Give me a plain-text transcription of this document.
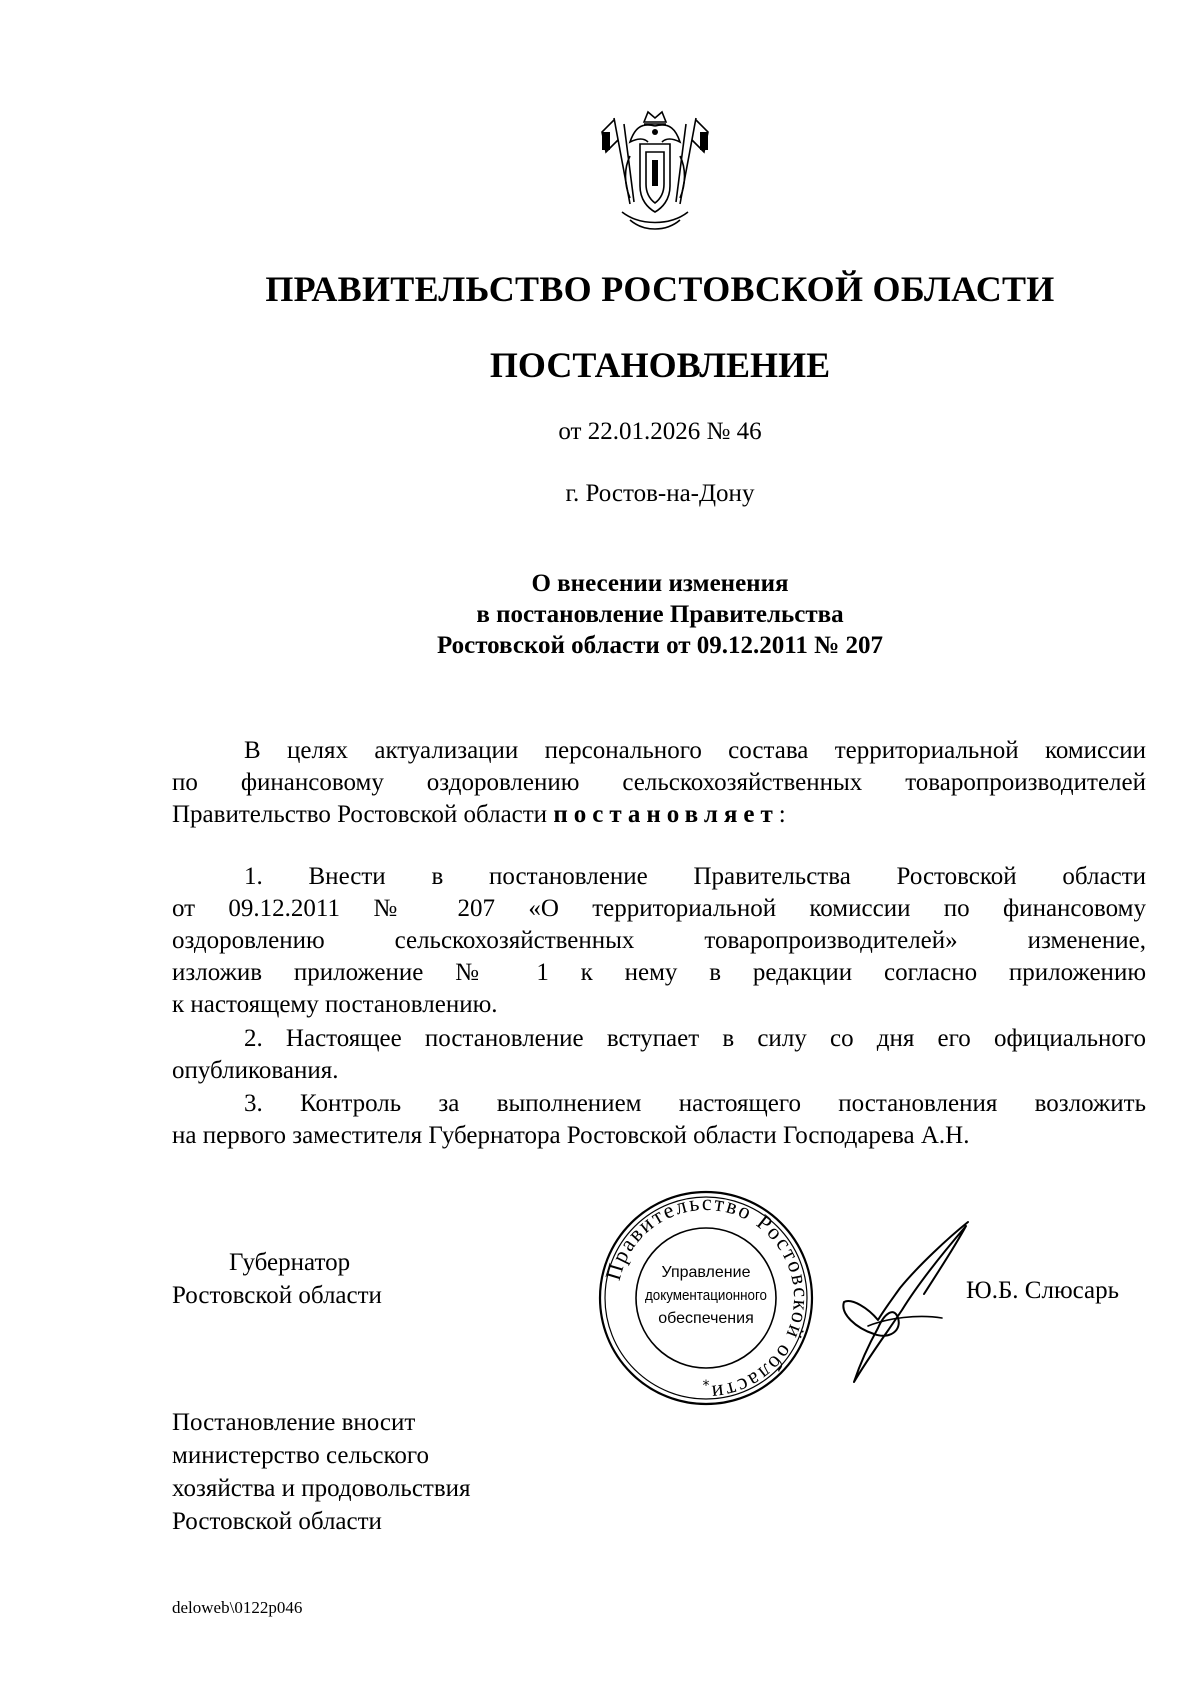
ПРАВИТЕЛЬСТВО РОСТОВСКОЙ ОБЛАСТИ
ПОСТАНОВЛЕНИЕ
от 22.01.2026 № 46
г. Ростов-на-Дону
О внесении изменения
в постановление Правительства
Ростовской области от 09.12.2011 № 207
В целях актуализации персонального состава территориальной комиссии
по финансовому оздоровлению сельскохозяйственных товаропроизводителей
Правительство Ростовской области постановляет:
1. Внести в постановление Правительства Ростовской области
от 09.12.2011 № 207 «О территориальной комиссии по финансовому
оздоровлению сельскохозяйственных товаропроизводителей» изменение,
изложив приложение № 1 к нему в редакции согласно приложению
к настоящему постановлению.
2. Настоящее постановление вступает в силу со дня его официального
опубликования.
3. Контроль за выполнением настоящего постановления возложить
на первого заместителя Губернатора Ростовской области Господарева А.Н.
Губернатор
Ростовской области
Правительство Ростовской области
Управление
документационного
обеспечения
*
Ю.Б. Слюсарь
Постановление вносит
министерство сельского
хозяйства и продовольствия
Ростовской области
deloweb\0122p046
